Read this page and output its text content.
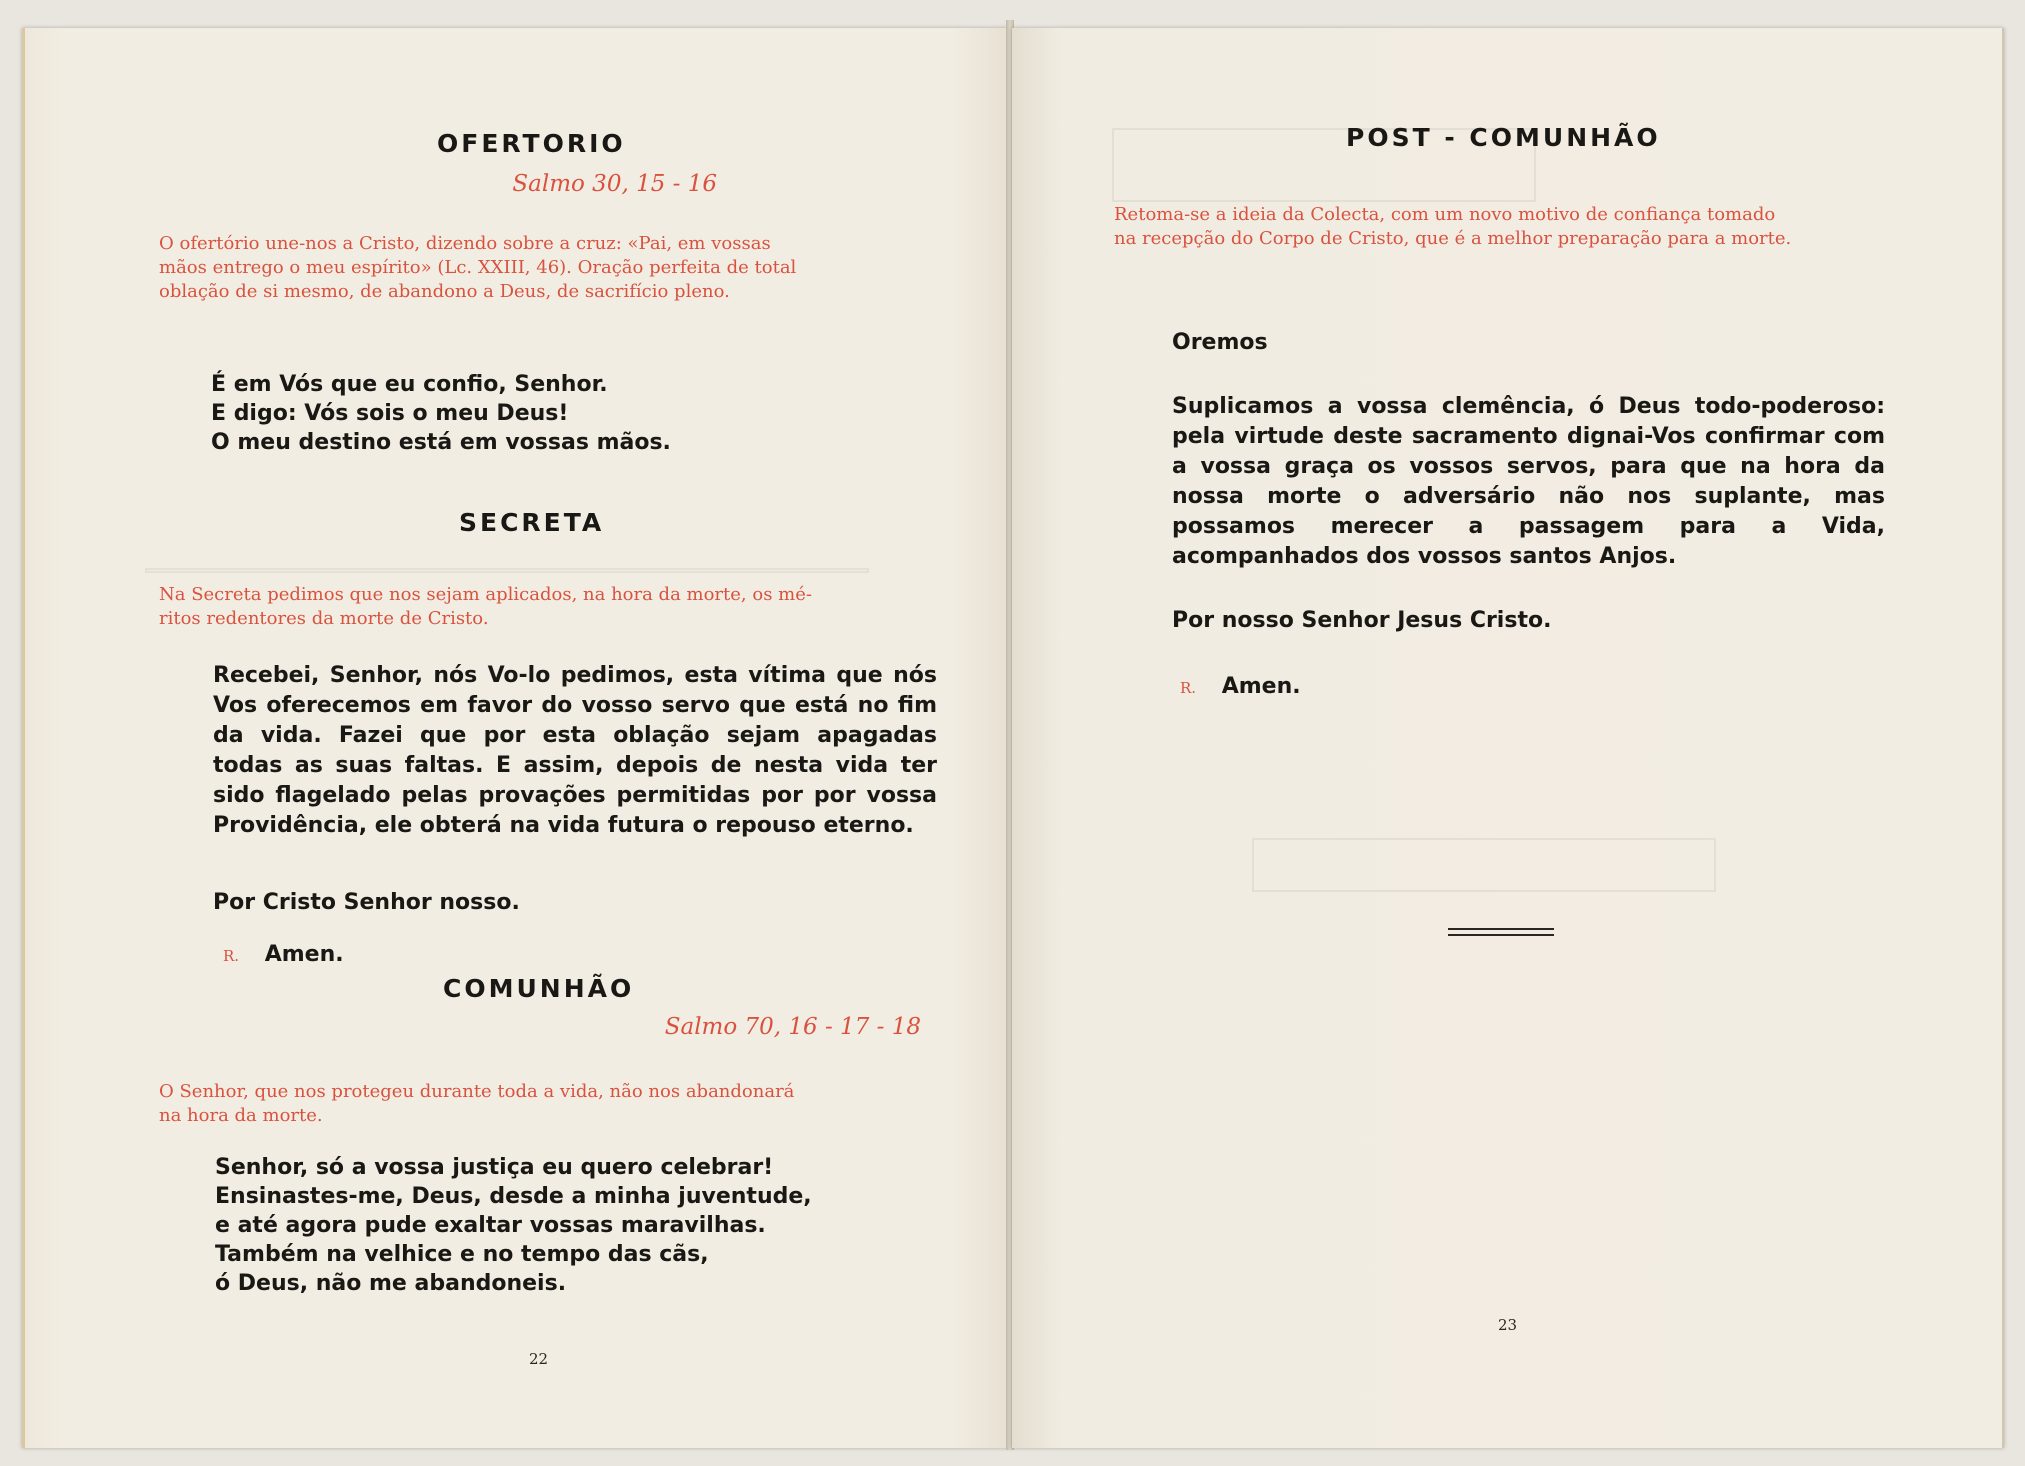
OFERTORIO
Salmo 30, 15 - 16
O ofertório une-nos a Cristo, dizendo sobre a cruz: «Pai, em vossas
mãos entrego o meu espírito» (Lc. XXIII, 46). Oração perfeita de total
oblação de si mesmo, de abandono a Deus, de sacrifício pleno.
É em Vós que eu confio, Senhor.
E digo: Vós sois o meu Deus!
O meu destino está em vossas mãos.
SECRETA
Na Secreta pedimos que nos sejam aplicados, na hora da morte, os mé-
ritos redentores da morte de Cristo.
Recebei, Senhor, nós Vo-lo pedimos, esta vítima que nós Vos oferecemos em favor do vosso servo que está no fim da vida. Fazei que por esta oblação sejam apagadas todas as suas faltas. E assim, depois de nesta vida ter sido flagelado pelas provações permitidas por por vossa Providência, ele obterá na vida futura o repouso eterno.
Por Cristo Senhor nosso.
R. Amen.
COMUNHÃO
Salmo 70, 16 - 17 - 18
O Senhor, que nos protegeu durante toda a vida, não nos abandonará
na hora da morte.
Senhor, só a vossa justiça eu quero celebrar!
Ensinastes-me, Deus, desde a minha juventude,
e até agora pude exaltar vossas maravilhas.
Também na velhice e no tempo das cãs,
ó Deus, não me abandoneis.
22
POST - COMUNHÃO
Retoma-se a ideia da Colecta, com um novo motivo de confiança tomado
na recepção do Corpo de Cristo, que é a melhor preparação para a morte.
Oremos
Suplicamos a vossa clemência, ó Deus todo-poderoso: pela virtude deste sacramento dignai-Vos confirmar com a vossa graça os vossos servos, para que na hora da nossa morte o adversário não nos suplante, mas possamos merecer a passagem para a Vida, acompanhados dos vossos santos Anjos.
Por nosso Senhor Jesus Cristo.
R. Amen.
23
